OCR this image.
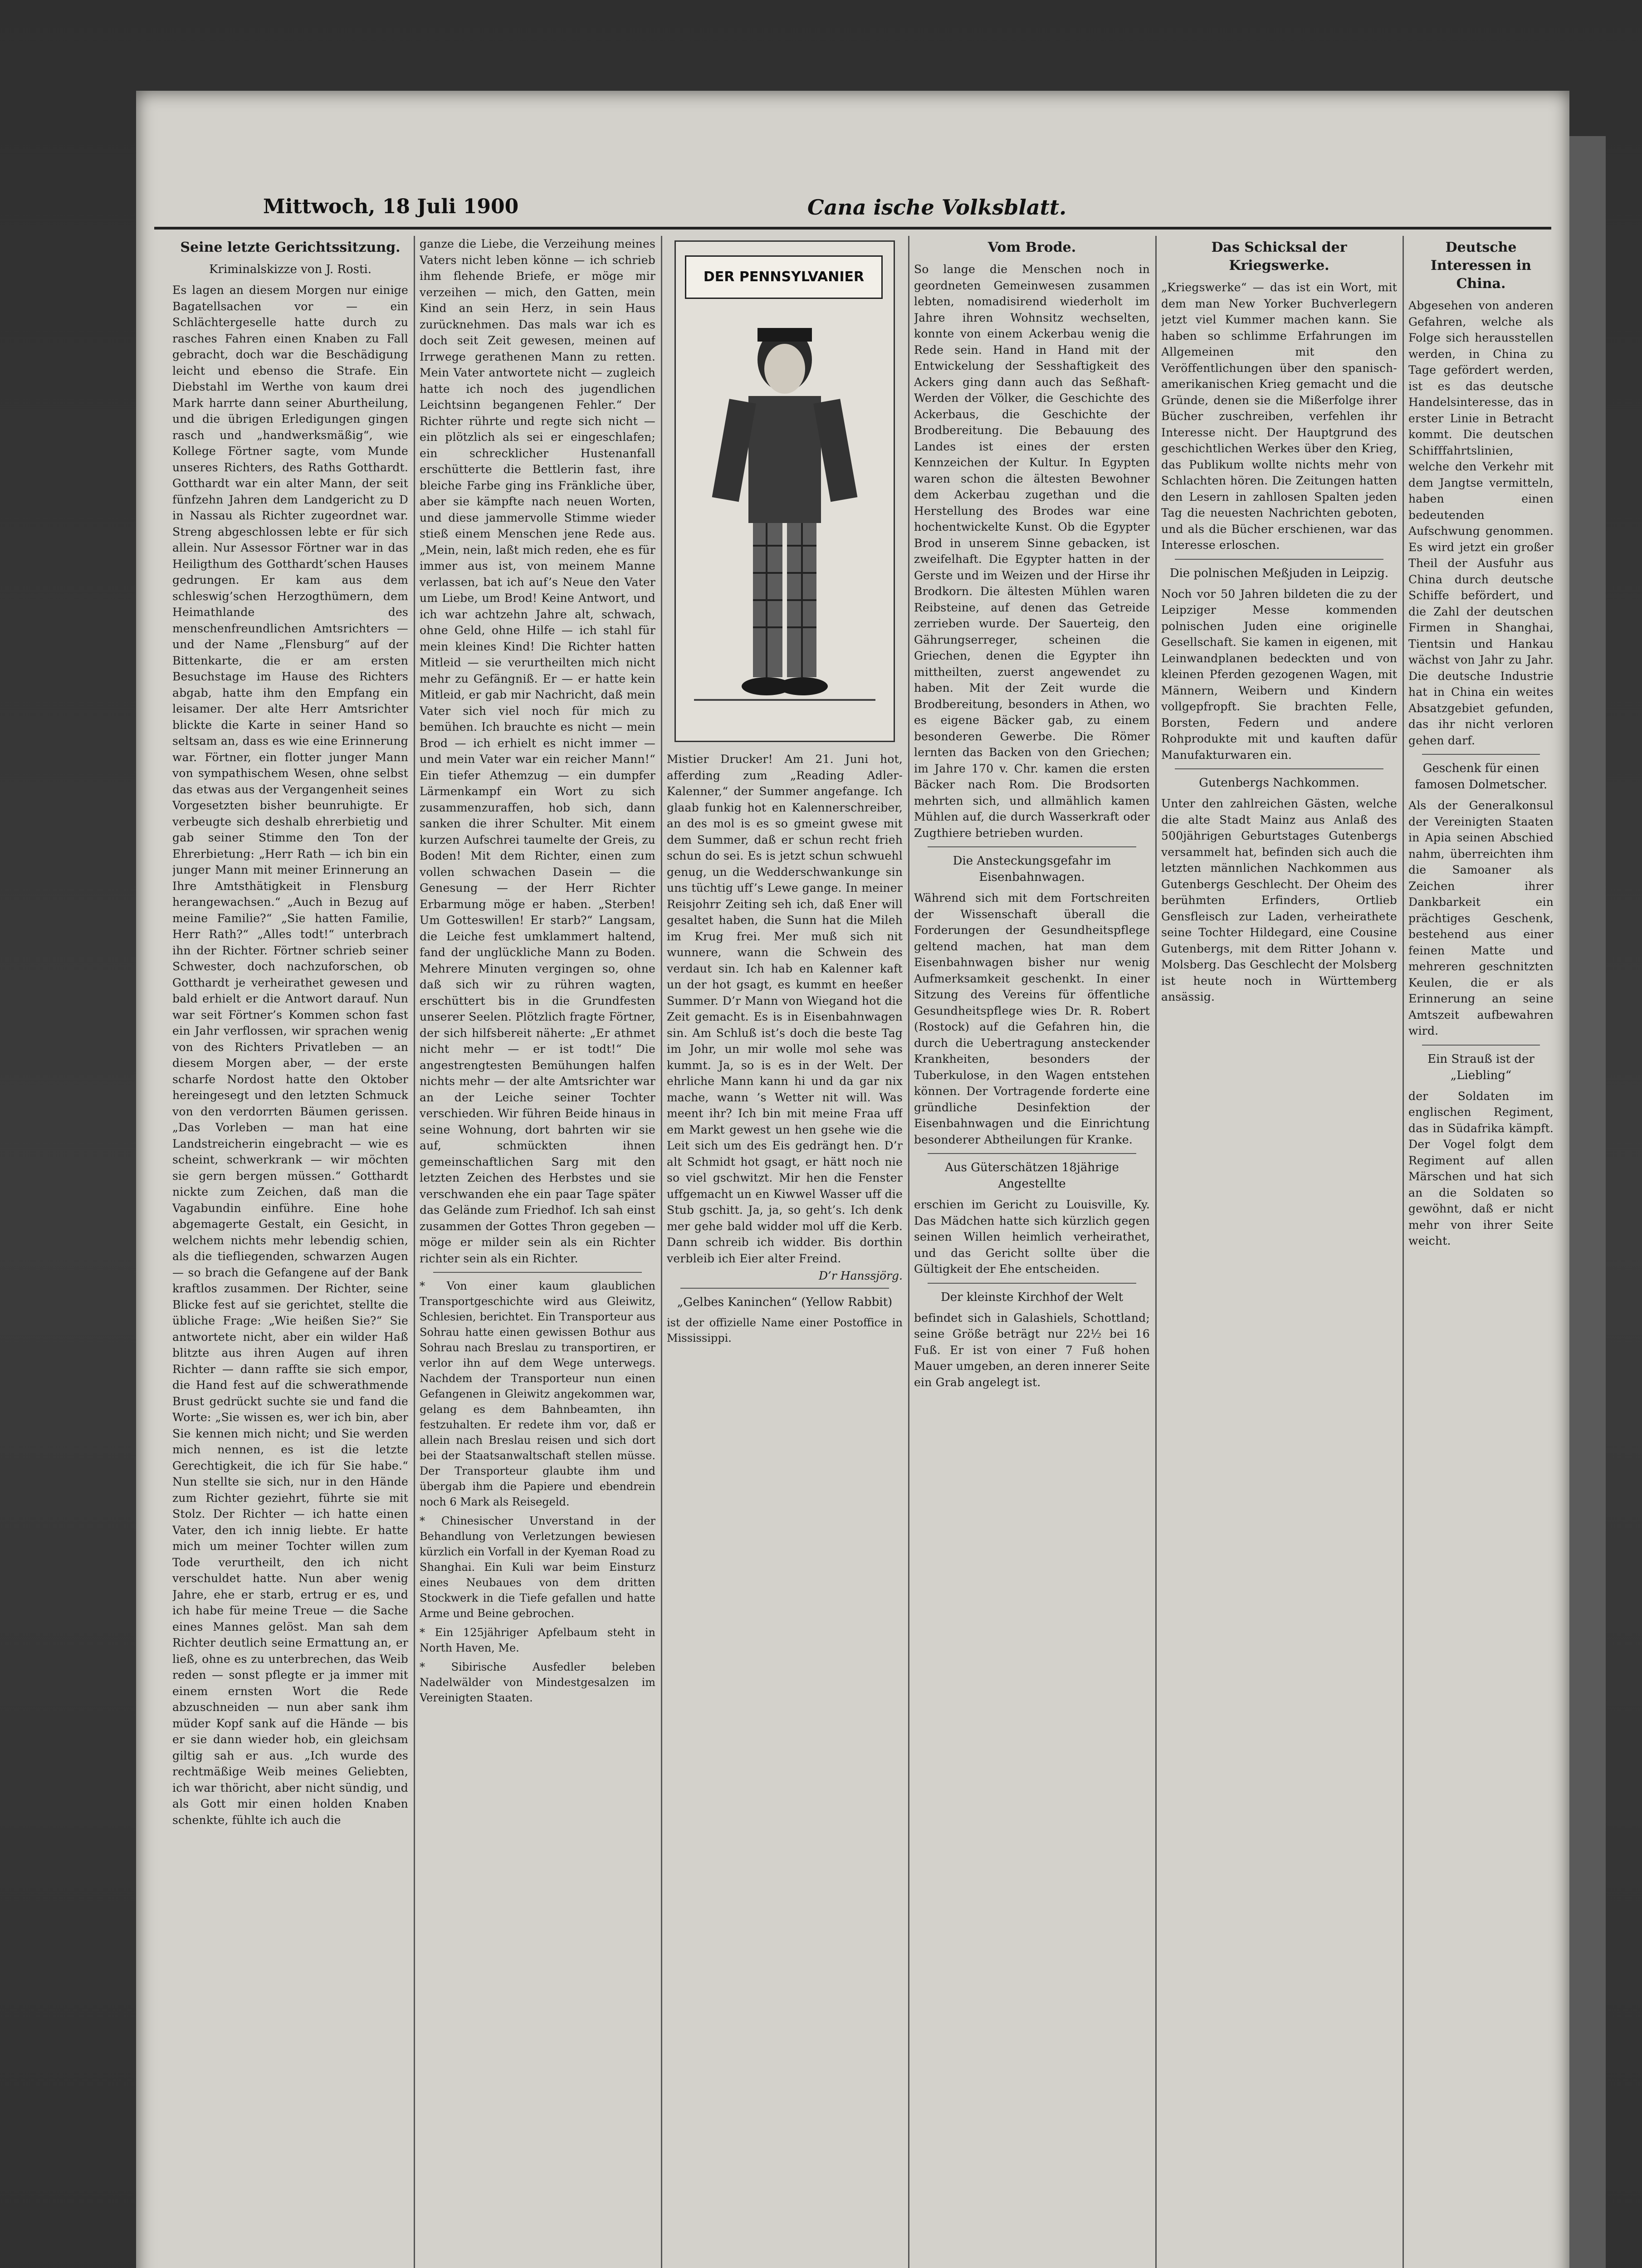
Mittwoch, 18 Juli 1900	Cana ische Volksblatt.
Seine letzte Gerichtssitzung.
Kriminalskizze von J. Rosti.

Es lagen an diesem Morgen nur einige Bagatellsachen vor — ein Schlächtergeselle hatte durch zu rasches Fahren einen Knaben zu Fall gebracht, doch war die Beschädigung leicht und ebenso die Strafe. Ein Diebstahl im Werthe von kaum drei Mark harrte dann seiner Aburtheilung, und die übrigen Erledigungen gingen rasch und „handwerksmäßig“, wie Kollege Förtner sagte, vom Munde unseres Richters, des Raths Gotthardt. Gotthardt war ein alter Mann, der seit fünfzehn Jahren dem Landgericht zu D in Nassau als Richter zugeordnet war. Streng abgeschlossen lebte er für sich allein. Nur Assessor Förtner war in das Heiligthum des Gotthardt’schen Hauses gedrungen. Er kam aus dem schleswig’schen Herzogthümern, dem Heimathlande des menschenfreundlichen Amtsrichters — und der Name „Flensburg“ auf der Bittenkarte, die er am ersten Besuchstage im Hause des Richters abgab, hatte ihm den Empfang ein leisamer. Der alte Herr Amtsrichter blickte die Karte in seiner Hand so seltsam an, dass es wie eine Erinnerung war. Förtner, ein flotter junger Mann von sympathischem Wesen, ohne selbst das etwas aus der Vergangenheit seines Vorgesetzten bisher beunruhigte. Er verbeugte sich deshalb ehrerbietig und gab seiner Stimme den Ton der Ehrerbietung: „Herr Rath — ich bin ein junger Mann mit meiner Erinnerung an Ihre Amtsthätigkeit in Flensburg herangewachsen.“ „Auch in Bezug auf meine Familie?“ „Sie hatten Familie, Herr Rath?“ „Alles todt!“ unterbrach ihn der Richter. Förtner schrieb seiner Schwester, doch nachzuforschen, ob Gotthardt je verheirathet gewesen und bald erhielt er die Antwort darauf. Nun war seit Förtner’s Kommen schon fast ein Jahr verflossen, wir sprachen wenig von des Richters Privatleben — an diesem Morgen aber, — der erste scharfe Nordost hatte den Oktober hereingesegt und den letzten Schmuck von den verdorrten Bäumen gerissen. „Das Vorleben — man hat eine Landstreicherin eingebracht — wie es scheint, schwerkrank — wir möchten sie gern bergen müssen.“ Gotthardt nickte zum Zeichen, daß man die Vagabundin einführe. Eine hohe abgemagerte Gestalt, ein Gesicht, in welchem nichts mehr lebendig schien, als die tiefliegenden, schwarzen Augen — so brach die Gefangene auf der Bank kraftlos zusammen. Der Richter, seine Blicke fest auf sie gerichtet, stellte die übliche Frage: „Wie heißen Sie?“ Sie antwortete nicht, aber ein wilder Haß blitzte aus ihren Augen auf ihren Richter — dann raffte sie sich empor, die Hand fest auf die schwerathmende Brust gedrückt suchte sie und fand die Worte: „Sie wissen es, wer ich bin, aber Sie kennen mich nicht; und Sie werden mich nennen, es ist die letzte Gerechtigkeit, die ich für Sie habe.“ Nun stellte sie sich, nur in den Hände zum Richter geziehrt, führte sie mit Stolz. Der Richter — ich hatte einen Vater, den ich innig liebte. Er hatte mich um meiner Tochter willen zum Tode verurtheilt, den ich nicht verschuldet hatte. Nun aber wenig Jahre, ehe er starb, ertrug er es, und ich habe für meine Treue — die Sache eines Mannes gelöst. Man sah dem Richter deutlich seine Ermattung an, er ließ, ohne es zu unterbrechen, das Weib reden — sonst pflegte er ja immer mit einem ernsten Wort die Rede abzuschneiden — nun aber sank ihm müder Kopf sank auf die Hände — bis er sie dann wieder hob, ein gleichsam giltig sah er aus. „Ich wurde des rechtmäßige Weib meines Geliebten, ich war thöricht, aber nicht sündig, und als Gott mir einen holden Knaben schenkte, fühlte ich auch die

ganze die Liebe, die Verzeihung meines Vaters nicht leben könne — ich schrieb ihm flehende Briefe, er möge mir verzeihen — mich, den Gatten, mein Kind an sein Herz, in sein Haus zurücknehmen. Das mals war ich es doch seit Zeit gewesen, meinen auf Irrwege gerathenen Mann zu retten. Mein Vater antwortete nicht — zugleich hatte ich noch des jugendlichen Leichtsinn begangenen Fehler.“ Der Richter rührte und regte sich nicht — ein plötzlich als sei er eingeschlafen; ein schrecklicher Hustenanfall erschütterte die Bettlerin fast, ihre bleiche Farbe ging ins Fränkliche über, aber sie kämpfte nach neuen Worten, und diese jammervolle Stimme wieder stieß einem Menschen jene Rede aus. „Mein, nein, laßt mich reden, ehe es für immer aus ist, von meinem Manne verlassen, bat ich auf’s Neue den Vater um Liebe, um Brod! Keine Antwort, und ich war achtzehn Jahre alt, schwach, ohne Geld, ohne Hilfe — ich stahl für mein kleines Kind! Die Richter hatten Mitleid — sie verurtheilten mich nicht mehr zu Gefängniß. Er — er hatte kein Mitleid, er gab mir Nachricht, daß mein Vater sich viel noch für mich zu bemühen. Ich brauchte es nicht — mein Brod — ich erhielt es nicht immer — und mein Vater war ein reicher Mann!“ Ein tiefer Athemzug — ein dumpfer Lärmenkampf ein Wort zu sich zusammenzuraffen, hob sich, dann sanken die ihrer Schulter. Mit einem kurzen Aufschrei taumelte der Greis, zu Boden! Mit dem Richter, einen zum vollen schwachen Dasein — die Genesung — der Herr Richter Erbarmung möge er haben. „Sterben! Um Gotteswillen! Er starb?“ Langsam, die Leiche fest umklammert haltend, fand der unglückliche Mann zu Boden. Mehrere Minuten vergingen so, ohne daß sich wir zu rühren wagten, erschüttert bis in die Grundfesten unserer Seelen. Plötzlich fragte Förtner, der sich hilfsbereit näherte: „Er athmet nicht mehr — er ist todt!“ Die angestrengtesten Bemühungen halfen nichts mehr — der alte Amtsrichter war an der Leiche seiner Tochter verschieden. Wir führen Beide hinaus in seine Wohnung, dort bahrten wir sie auf, schmückten ihnen gemeinschaftlichen Sarg mit den letzten Zeichen des Herbstes und sie verschwanden ehe ein paar Tage später das Gelände zum Friedhof. Ich sah einst zusammen der Gottes Thron gegeben — möge er milder sein als ein Richter richter sein als ein Richter.

* Von einer kaum glaublichen Transportgeschichte wird aus Gleiwitz, Schlesien, berichtet. Ein Transporteur aus Sohrau hatte einen gewissen Bothur aus Sohrau nach Breslau zu transportiren, er verlor ihn auf dem Wege unterwegs. Nachdem der Transporteur nun einen Gefangenen in Gleiwitz angekommen war, gelang es dem Bahnbeamten, ihn festzuhalten. Er redete ihm vor, daß er allein nach Breslau reisen und sich dort bei der Staatsanwaltschaft stellen müsse. Der Transporteur glaubte ihm und übergab ihm die Papiere und ebendrein noch 6 Mark als Reisegeld.

* Chinesischer Unverstand in der Behandlung von Verletzungen bewiesen kürzlich ein Vorfall in der Kyeman Road zu Shanghai. Ein Kuli war beim Einsturz eines Neubaues von dem dritten Stockwerk in die Tiefe gefallen und hatte Arme und Beine gebrochen.

* Ein 125jähriger Apfelbaum steht in North Haven, Me.

* Sibirische Ausfedler beleben Nadelwälder von Mindestgesalzen im Vereinigten Staaten.

DER PENNSYLVANIER

Mistier Drucker! Am 21. Juni hot, afferding zum „Reading Adler-Kalenner,“ der Summer angefange. Ich glaab funkig hot en Kalennerschreiber, an des mol is es so gmeint gwese mit dem Summer, daß er schun recht frieh schun do sei. Es is jetzt schun schwuehl genug, un die Wedderschwankunge sin uns tüchtig uff’s Lewe gange. In meiner Reisjohrr Zeiting seh ich, daß Ener will gesaltet haben, die Sunn hat die Mileh im Krug frei. Mer muß sich nit wunnere, wann die Schwein des verdaut sin. Ich hab en Kalenner kaft un der hot gsagt, es kummt en heeßer Summer. D’r Mann von Wiegand hot die Zeit gemacht. Es is in Eisenbahnwagen sin. Am Schluß ist’s doch die beste Tag im Johr, un mir wolle mol sehe was kummt. Ja, so is es in der Welt. Der ehrliche Mann kann hi und da gar nix mache, wann ’s Wetter nit will. Was meent ihr? Ich bin mit meine Fraa uff em Markt gewest un hen gsehe wie die Leit sich um des Eis gedrängt hen. D’r alt Schmidt hot gsagt, er hätt noch nie so viel gschwitzt. Mir hen die Fenster uffgemacht un en Kiwwel Wasser uff die Stub gschitt. Ja, ja, so geht’s. Ich denk mer gehe bald widder mol uff die Kerb. Dann schreib ich widder. Bis dorthin verbleib ich Eier alter Freind.

D’r Hanssjörg.
„Gelbes Kaninchen“ (Yellow Rabbit)

ist der offizielle Name einer Postoffice in Mississippi.

Vom Brode.

So lange die Menschen noch in geordneten Gemeinwesen zusammen lebten, nomadisirend wiederholt im Jahre ihren Wohnsitz wechselten, konnte von einem Ackerbau wenig die Rede sein. Hand in Hand mit der Entwickelung der Sesshaftigkeit des Ackers ging dann auch das Seßhaft-Werden der Völker, die Geschichte des Ackerbaus, die Geschichte der Brodbereitung. Die Bebauung des Landes ist eines der ersten Kennzeichen der Kultur. In Egypten waren schon die ältesten Bewohner dem Ackerbau zugethan und die Herstellung des Brodes war eine hochentwickelte Kunst. Ob die Egypter Brod in unserem Sinne gebacken, ist zweifelhaft. Die Egypter hatten in der Gerste und im Weizen und der Hirse ihr Brodkorn. Die ältesten Mühlen waren Reibsteine, auf denen das Getreide zerrieben wurde. Der Sauerteig, den Gährungserreger, scheinen die Griechen, denen die Egypter ihn mittheilten, zuerst angewendet zu haben. Mit der Zeit wurde die Brodbereitung, besonders in Athen, wo es eigene Bäcker gab, zu einem besonderen Gewerbe. Die Römer lernten das Backen von den Griechen; im Jahre 170 v. Chr. kamen die ersten Bäcker nach Rom. Die Brodsorten mehrten sich, und allmählich kamen Mühlen auf, die durch Wasserkraft oder Zugthiere betrieben wurden.

Die Ansteckungsgefahr im Eisenbahnwagen.

Während sich mit dem Fortschreiten der Wissenschaft überall die Forderungen der Gesundheitspflege geltend machen, hat man dem Eisenbahnwagen bisher nur wenig Aufmerksamkeit geschenkt. In einer Sitzung des Vereins für öffentliche Gesundheitspflege wies Dr. R. Robert (Rostock) auf die Gefahren hin, die durch die Uebertragung ansteckender Krankheiten, besonders der Tuberkulose, in den Wagen entstehen können. Der Vortragende forderte eine gründliche Desinfektion der Eisenbahnwagen und die Einrichtung besonderer Abtheilungen für Kranke.

Aus Güterschätzen 18jährige Angestellte

erschien im Gericht zu Louisville, Ky. Das Mädchen hatte sich kürzlich gegen seinen Willen heimlich verheirathet, und das Gericht sollte über die Gültigkeit der Ehe entscheiden.

Der kleinste Kirchhof der Welt

befindet sich in Galashiels, Schottland; seine Größe beträgt nur 22½ bei 16 Fuß. Er ist von einer 7 Fuß hohen Mauer umgeben, an deren innerer Seite ein Grab angelegt ist.

Das Schicksal der Kriegswerke.

„Kriegswerke“ — das ist ein Wort, mit dem man New Yorker Buchverlegern jetzt viel Kummer machen kann. Sie haben so schlimme Erfahrungen im Allgemeinen mit den Veröffentlichungen über den spanisch-amerikanischen Krieg gemacht und die Gründe, denen sie die Mißerfolge ihrer Bücher zuschreiben, verfehlen ihr Interesse nicht. Der Hauptgrund des geschichtlichen Werkes über den Krieg, das Publikum wollte nichts mehr von Schlachten hören. Die Zeitungen hatten den Lesern in zahllosen Spalten jeden Tag die neuesten Nachrichten geboten, und als die Bücher erschienen, war das Interesse erloschen.

Die polnischen Meßjuden in Leipzig.

Noch vor 50 Jahren bildeten die zu der Leipziger Messe kommenden polnischen Juden eine originelle Gesellschaft. Sie kamen in eigenen, mit Leinwandplanen bedeckten und von kleinen Pferden gezogenen Wagen, mit Männern, Weibern und Kindern vollgepfropft. Sie brachten Felle, Borsten, Federn und andere Rohprodukte mit und kauften dafür Manufakturwaren ein.

Gutenbergs Nachkommen.

Unter den zahlreichen Gästen, welche die alte Stadt Mainz aus Anlaß des 500jährigen Geburtstages Gutenbergs versammelt hat, befinden sich auch die letzten männlichen Nachkommen aus Gutenbergs Geschlecht. Der Oheim des berühmten Erfinders, Ortlieb Gensfleisch zur Laden, verheirathete seine Tochter Hildegard, eine Cousine Gutenbergs, mit dem Ritter Johann v. Molsberg. Das Geschlecht der Molsberg ist heute noch in Württemberg ansässig.

Deutsche Interessen in China.

Abgesehen von anderen Gefahren, welche als Folge sich herausstellen werden, in China zu Tage gefördert werden, ist es das deutsche Handelsinteresse, das in erster Linie in Betracht kommt. Die deutschen Schifffahrtslinien, welche den Verkehr mit dem Jangtse vermitteln, haben einen bedeutenden Aufschwung genommen. Es wird jetzt ein großer Theil der Ausfuhr aus China durch deutsche Schiffe befördert, und die Zahl der deutschen Firmen in Shanghai, Tientsin und Hankau wächst von Jahr zu Jahr. Die deutsche Industrie hat in China ein weites Absatzgebiet gefunden, das ihr nicht verloren gehen darf.

Geschenk für einen famosen Dolmetscher.

Als der Generalkonsul der Vereinigten Staaten in Apia seinen Abschied nahm, überreichten ihm die Samoaner als Zeichen ihrer Dankbarkeit ein prächtiges Geschenk, bestehend aus einer feinen Matte und mehreren geschnitzten Keulen, die er als Erinnerung an seine Amtszeit aufbewahren wird.

Ein Strauß ist der „Liebling“

der Soldaten im englischen Regiment, das in Südafrika kämpft. Der Vogel folgt dem Regiment auf allen Märschen und hat sich an die Soldaten so gewöhnt, daß er nicht mehr von ihrer Seite weicht.
